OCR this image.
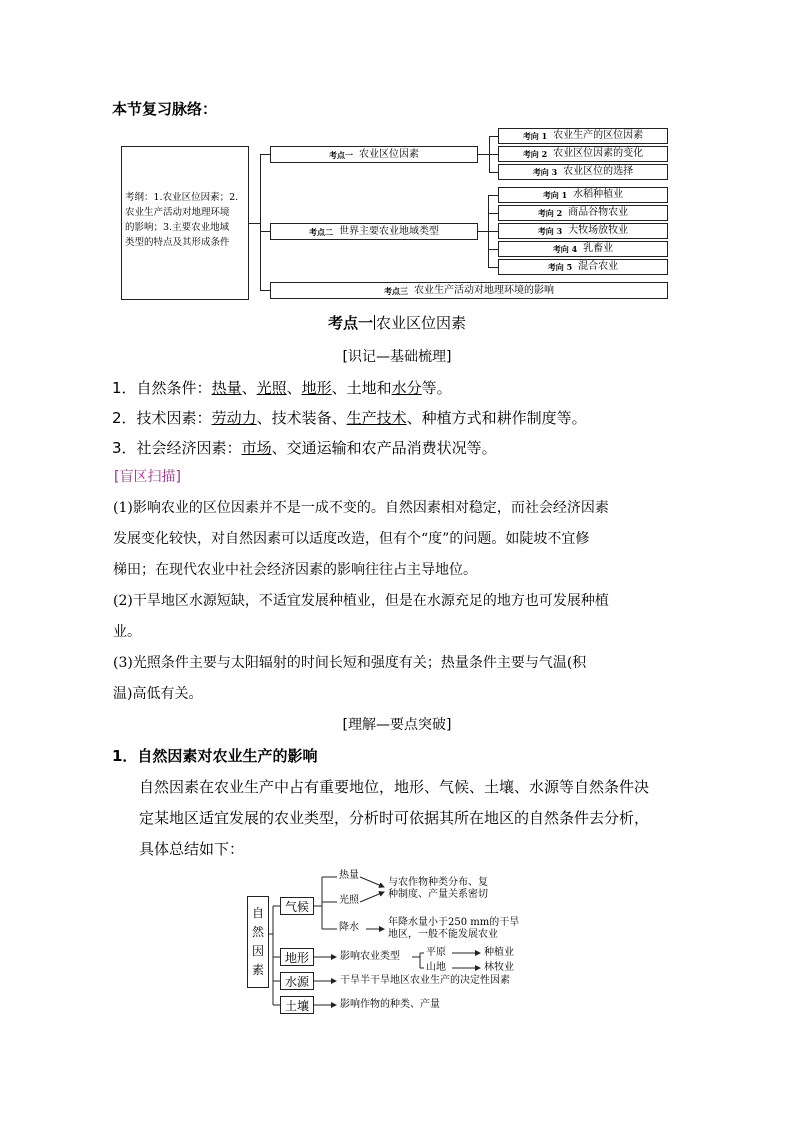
本节复习脉络：
考纲：1.农业区位因素；2.
农业生产活动对地理环境
的影响；3.主要农业地域
类型的特点及其形成条件
考点一 农业区位因素
考点二 世界主要农业地域类型
考点三 农业生产活动对地理环境的影响
考向 1 农业生产的区位因素
考向 2 农业区位因素的变化
考向 3 农业区位的选择
考向 1 水稻种植业
考向 2 商品谷物农业
考向 3 大牧场放牧业
考向 4 乳畜业
考向 5 混合农业
考点一 农业区位因素
[识记—基础梳理]
1．自然条件：热量、光照、地形、土地和水分等。
2．技术因素：劳动力、技术装备、生产技术、种植方式和耕作制度等。
3．社会经济因素：市场、交通运输和农产品消费状况等。
[盲区扫描]
(1)影响农业的区位因素并不是一成不变的。自然因素相对稳定，而社会经济因素
发展变化较快，对自然因素可以适度改造，但有个“度”的问题。如陡坡不宜修
梯田；在现代农业中社会经济因素的影响往往占主导地位。
(2)干旱地区水源短缺，不适宜发展种植业，但是在水源充足的地方也可发展种植
业。
(3)光照条件主要与太阳辐射的时间长短和强度有关；热量条件主要与气温(积
温)高低有关。
[理解—要点突破]
1．自然因素对农业生产的影响
自然因素在农业生产中占有重要地位，地形、气候、土壤、水源等自然条件决
定某地区适宜发展的农业类型，分析时可依据其所在地区的自然条件去分析，
具体总结如下：
自
然
因
素
气候
地形
水源
土壤
热量
光照
降水
与农作物种类分布、复
种制度、产量关系密切
年降水量小于250 mm的干旱
地区，一般不能发展农业
影响农业类型	平原	种植业
山地	林牧业
干旱半干旱地区农业生产的决定性因素
影响作物的种类、产量
